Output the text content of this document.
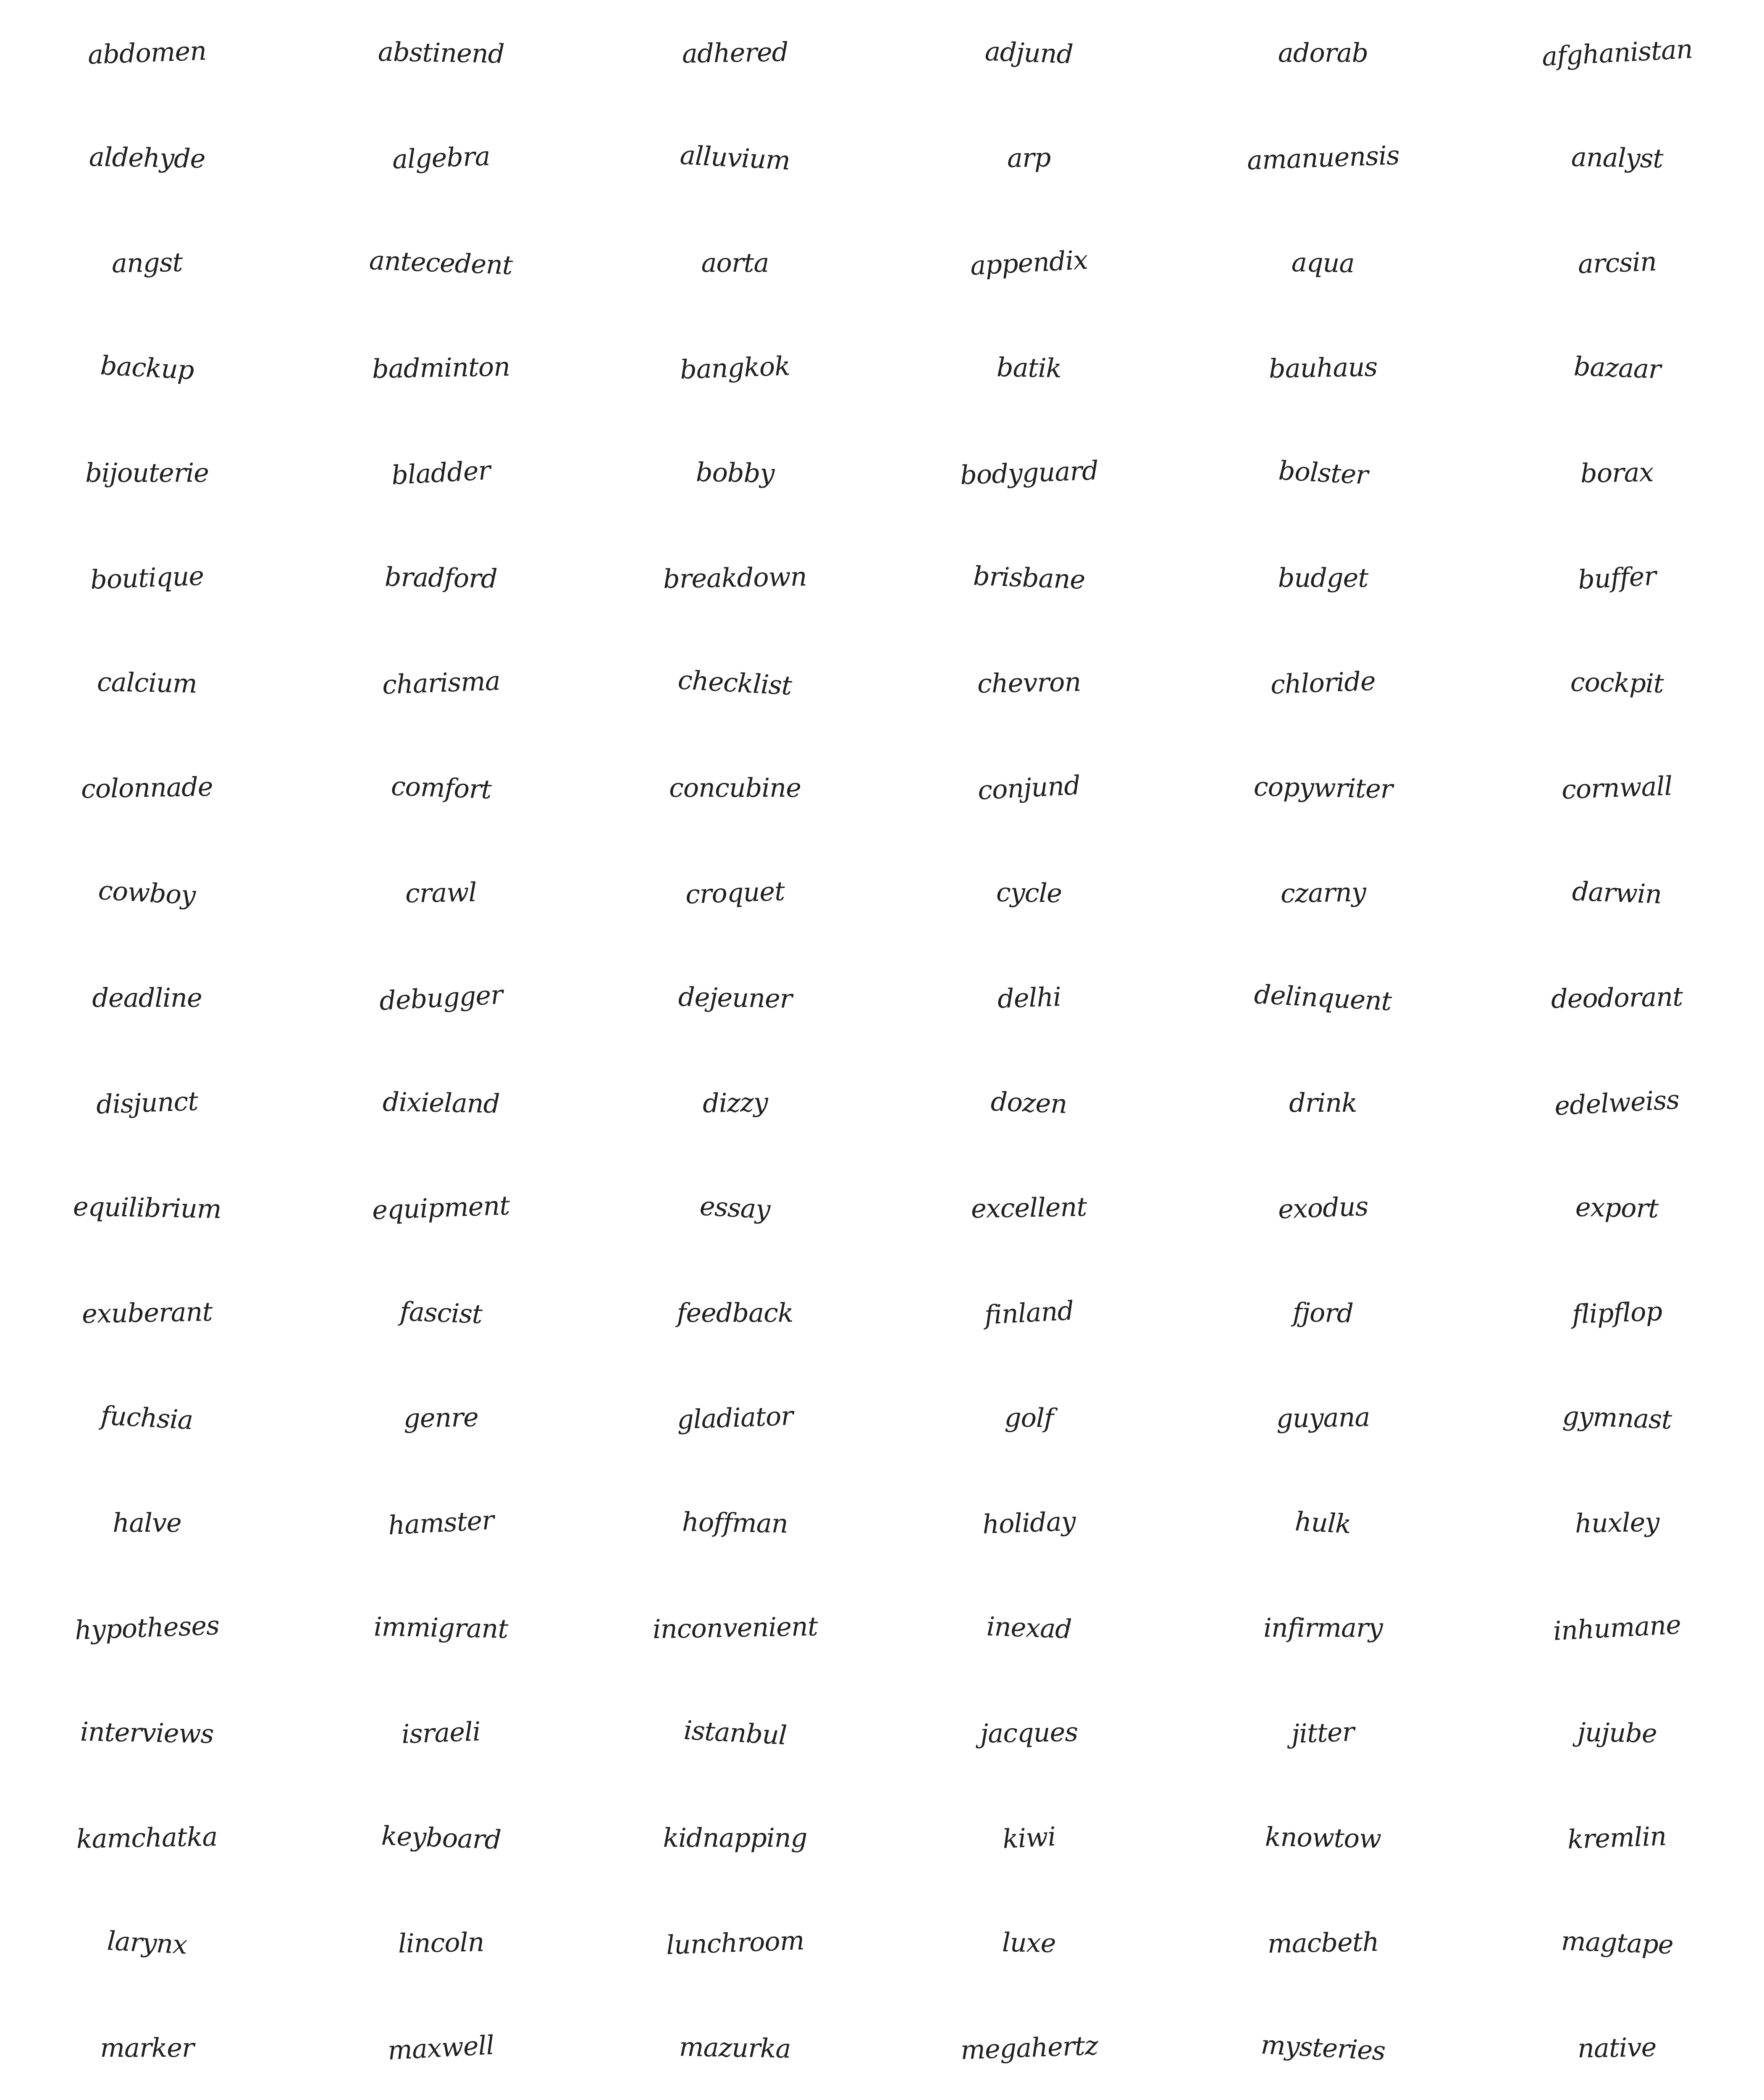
abdomen	abstinend	adhered	adjund	adorab	afghanistan
aldehyde	algebra	alluvium	arp	amanuensis	analyst
angst	antecedent	aorta	appendix	aqua	arcsin
backup	badminton	bangkok	batik	bauhaus	bazaar
bijouterie	bladder	bobby	bodyguard	bolster	borax
boutique	bradford	breakdown	brisbane	budget	buffer
calcium	charisma	checklist	chevron	chloride	cockpit
colonnade	comfort	concubine	conjund	copywriter	cornwall
cowboy	crawl	croquet	cycle	czarny	darwin
deadline	debugger	dejeuner	delhi	delinquent	deodorant
disjunct	dixieland	dizzy	dozen	drink	edelweiss
equilibrium	equipment	essay	excellent	exodus	export
exuberant	fascist	feedback	finland	fjord	flipflop
fuchsia	genre	gladiator	golf	guyana	gymnast
halve	hamster	hoffman	holiday	hulk	huxley
hypotheses	immigrant	inconvenient	inexad	infirmary	inhumane
interviews	israeli	istanbul	jacques	jitter	jujube
kamchatka	keyboard	kidnapping	kiwi	knowtow	kremlin
larynx	lincoln	lunchroom	luxe	macbeth	magtape
marker	maxwell	mazurka	megahertz	mysteries	native
